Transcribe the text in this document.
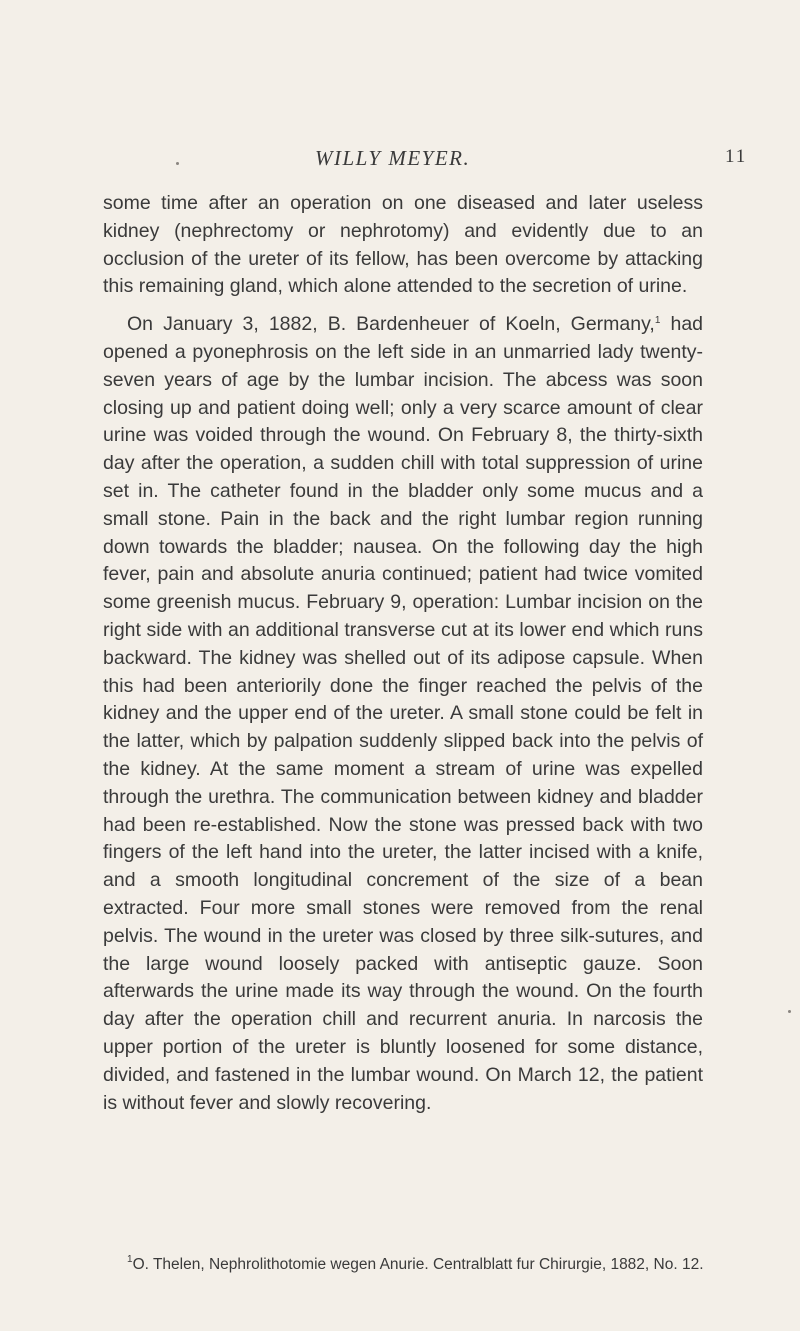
WILLY MEYER.	11

some time after an operation on one diseased and later useless kidney (nephrectomy or nephrotomy) and evidently due to an occlusion of the ureter of its fellow, has been overcome by attacking this remaining gland, which alone attended to the secretion of urine.

On January 3, 1882, B. Bardenheuer of Koeln, Germany,$^1$ had opened a pyonephrosis on the left side in an unmarried lady twenty-seven years of age by the lumbar incision. The abcess was soon closing up and patient doing well; only a very scarce amount of clear urine was voided through the wound. On February 8, the thirty-sixth day after the operation, a sudden chill with total suppression of urine set in. The catheter found in the bladder only some mucus and a small stone. Pain in the back and the right lumbar region running down towards the bladder; nausea. On the following day the high fever, pain and absolute anuria continued; patient had twice vomited some greenish mucus. February 9, operation: Lumbar incision on the right side with an additional transverse cut at its lower end which runs backward. The kidney was shelled out of its adipose capsule. When this had been anteriorily done the finger reached the pelvis of the kidney and the upper end of the ureter. A small stone could be felt in the latter, which by palpation suddenly slipped back into the pelvis of the kidney. At the same moment a stream of urine was expelled through the urethra. The communication between kidney and bladder had been re-established. Now the stone was pressed back with two fingers of the left hand into the ureter, the latter incised with a knife, and a smooth longitudinal concrement of the size of a bean extracted. Four more small stones were removed from the renal pelvis. The wound in the ureter was closed by three silk-sutures, and the large wound loosely packed with antiseptic gauze. Soon afterwards the urine made its way through the wound. On the fourth day after the operation chill and recurrent anuria. In narcosis the upper portion of the ureter is bluntly loosened for some distance, divided, and fastened in the lumbar wound. On March 12, the patient is without fever and slowly recovering.

$^1$O. Thelen, Nephrolithotomie wegen Anurie. Centralblatt fur Chirurgie, 1882, No. 12.
